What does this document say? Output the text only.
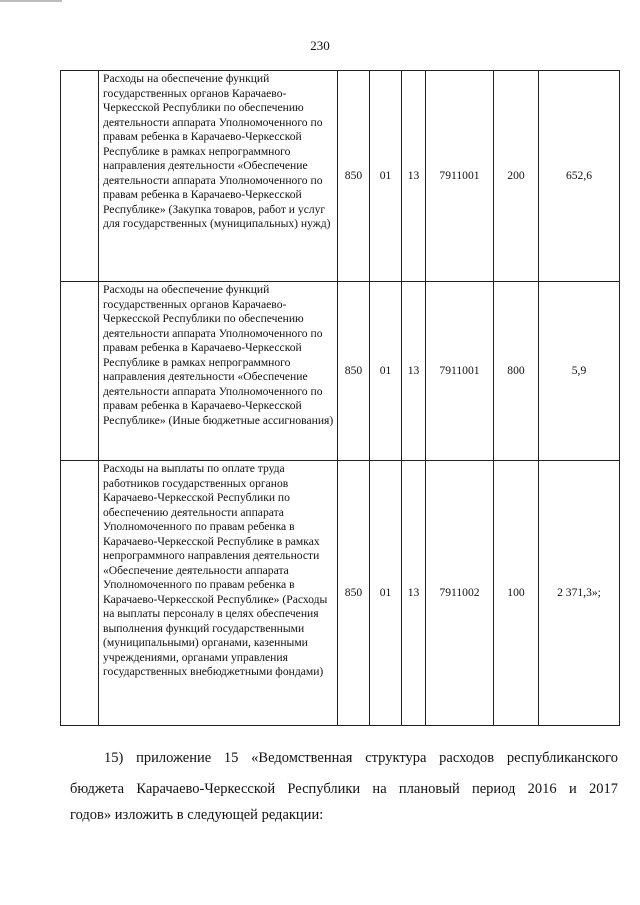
230
	Расходы на обеспечение функций государственных органов Карачаево-Черкесской Республики по обеспечению деятельности аппарата Уполномоченного по правам ребенка в Карачаево-Черкесской Республике в рамках непрограммного направления деятельности «Обеспечение деятельности аппарата Уполномоченного по правам ребенка в Карачаево-Черкесской Республике» (Закупка товаров, работ и услуг для государственных (муниципальных) нужд)	850	01	13	7911001	200	652,6
	Расходы на обеспечение функций государственных органов Карачаево-Черкесской Республики по обеспечению деятельности аппарата Уполномоченного по правам ребенка в Карачаево-Черкесской Республике в рамках непрограммного направления деятельности «Обеспечение деятельности аппарата Уполномоченного по правам ребенка в Карачаево-Черкесской Республике» (Иные бюджетные ассигнования)	850	01	13	7911001	800	5,9
	Расходы на выплаты по оплате труда работников государственных органов Карачаево-Черкесской Республики по обеспечению деятельности аппарата Уполномоченного по правам ребенка в Карачаево-Черкесской Республике в рамках непрограммного направления деятельности «Обеспечение деятельности аппарата Уполномоченного по правам ребенка в Карачаево-Черкесской Республике» (Расходы на выплаты персоналу в целях обеспечения выполнения функций государственными (муниципальными) органами, казенными учреждениями, органами управления государственных внебюджетными фондами)	850	01	13	7911002	100	2 371,3»;
15) приложение 15 «Ведомственная структура расходов республиканского
бюджета Карачаево-Черкесской Республики на плановый период 2016 и 2017
годов» изложить в следующей редакции:
